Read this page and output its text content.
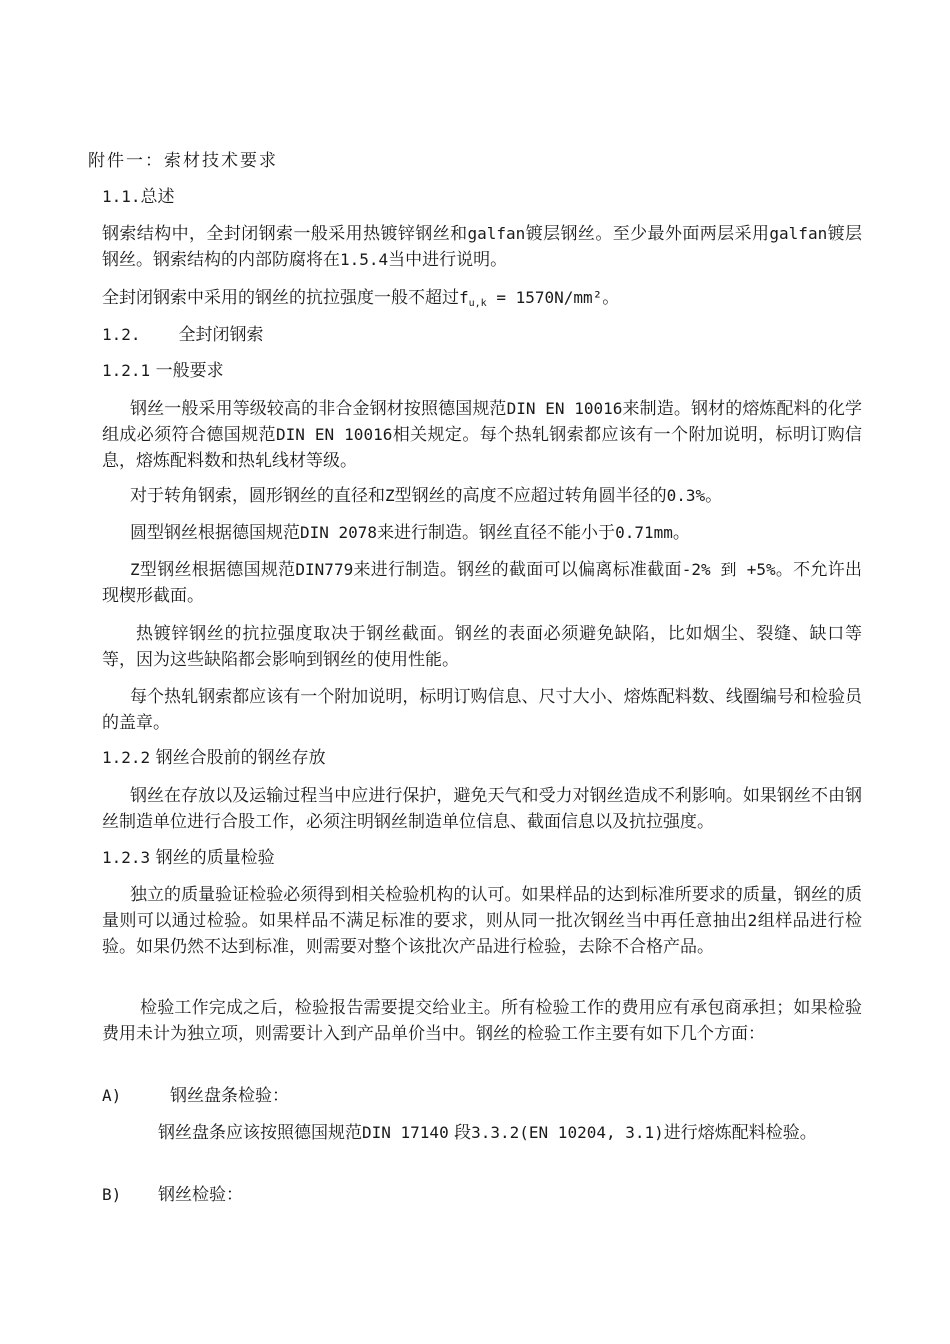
附件一：索材技术要求
1.1.总述
钢索结构中，全封闭钢索一般采用热镀锌钢丝和galfan镀层钢丝。至少最外面两层采用galfan镀层钢丝。钢索结构的内部防腐将在1.5.4当中进行说明。
全封闭钢索中采用的钢丝的抗拉强度一般不超过$f_{u,k} = 1570N/mm^2$。
1.2. 全封闭钢索
1.2.1 一般要求
钢丝一般采用等级较高的非合金钢材按照德国规范DIN EN 10016来制造。钢材的熔炼配料的化学组成必须符合德国规范DIN EN 10016相关规定。每个热轧钢索都应该有一个附加说明，标明订购信息，熔炼配料数和热轧线材等级。
对于转角钢索，圆形钢丝的直径和Z型钢丝的高度不应超过转角圆半径的0.3%。
圆型钢丝根据德国规范DIN 2078来进行制造。钢丝直径不能小于0.71mm。
Z型钢丝根据德国规范DIN779来进行制造。钢丝的截面可以偏离标准截面-2% 到 +5%。不允许出现楔形截面。
热镀锌钢丝的抗拉强度取决于钢丝截面。钢丝的表面必须避免缺陷，比如烟尘、裂缝、缺口等等，因为这些缺陷都会影响到钢丝的使用性能。
每个热轧钢索都应该有一个附加说明，标明订购信息、尺寸大小、熔炼配料数、线圈编号和检验员的盖章。
1.2.2 钢丝合股前的钢丝存放
钢丝在存放以及运输过程当中应进行保护，避免天气和受力对钢丝造成不利影响。如果钢丝不由钢丝制造单位进行合股工作，必须注明钢丝制造单位信息、截面信息以及抗拉强度。
1.2.3 钢丝的质量检验
独立的质量验证检验必须得到相关检验机构的认可。如果样品的达到标准所要求的质量，钢丝的质量则可以通过检验。如果样品不满足标准的要求，则从同一批次钢丝当中再任意抽出2组样品进行检验。如果仍然不达到标准，则需要对整个该批次产品进行检验，去除不合格产品。
检验工作完成之后，检验报告需要提交给业主。所有检验工作的费用应有承包商承担；如果检验费用未计为独立项，则需要计入到产品单价当中。钢丝的检验工作主要有如下几个方面：
A)	钢丝盘条检验：
钢丝盘条应该按照德国规范DIN 17140 段3.3.2(EN 10204, 3.1)进行熔炼配料检验。
B) 钢丝检验：
